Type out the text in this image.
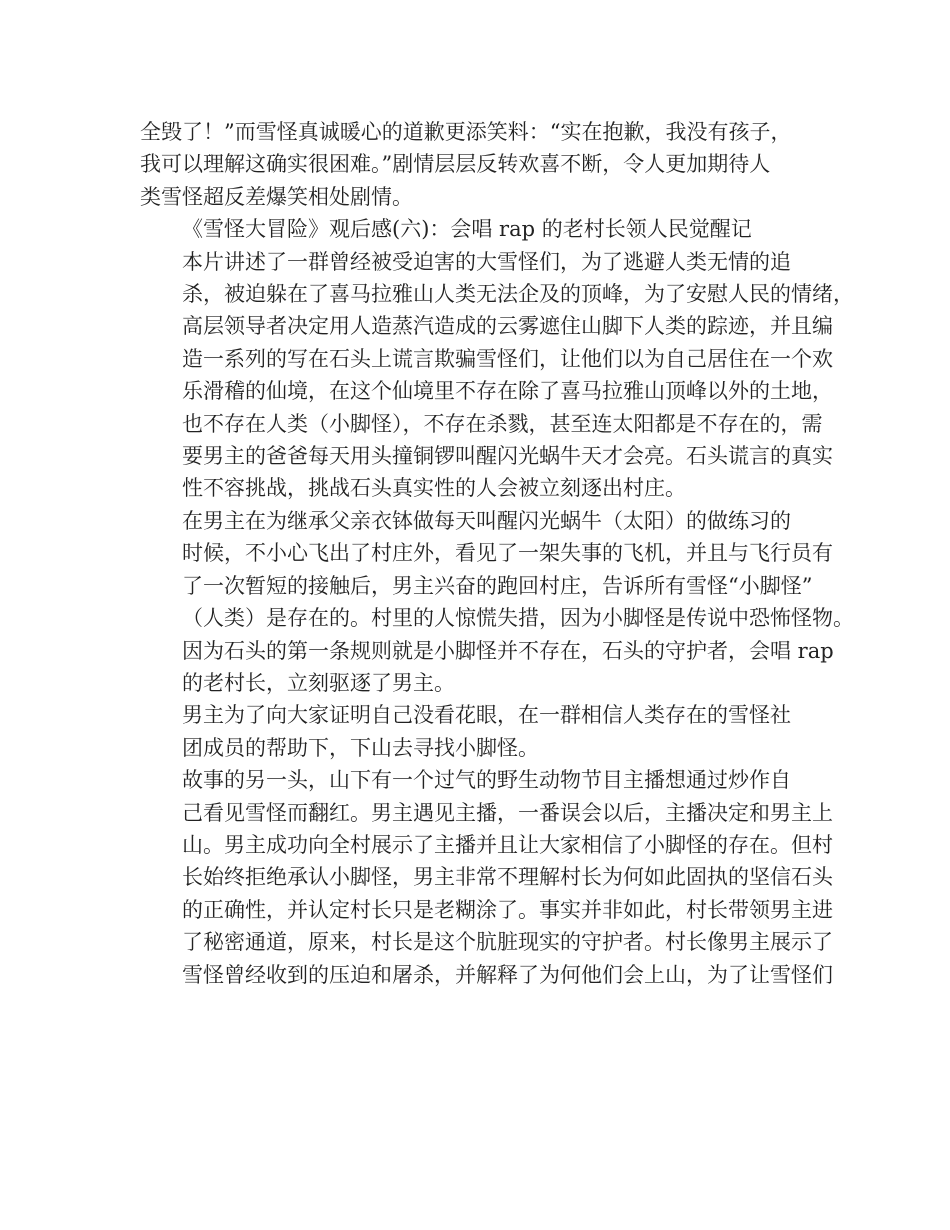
全毁了！”而雪怪真诚暖心的道歉更添笑料：“实在抱歉，我没有孩子，
我可以理解这确实很困难。”剧情层层反转欢喜不断，令人更加期待人
类雪怪超反差爆笑相处剧情。

《雪怪大冒险》观后感(六)：会唱 rap 的老村长领人民觉醒记

本片讲述了一群曾经被受迫害的大雪怪们，为了逃避人类无情的追
杀，被迫躲在了喜马拉雅山人类无法企及的顶峰，为了安慰人民的情绪，
高层领导者决定用人造蒸汽造成的云雾遮住山脚下人类的踪迹，并且编
造一系列的写在石头上谎言欺骗雪怪们，让他们以为自己居住在一个欢
乐滑稽的仙境，在这个仙境里不存在除了喜马拉雅山顶峰以外的土地，
也不存在人类（小脚怪），不存在杀戮，甚至连太阳都是不存在的，需
要男主的爸爸每天用头撞铜锣叫醒闪光蜗牛天才会亮。石头谎言的真实
性不容挑战，挑战石头真实性的人会被立刻逐出村庄。

在男主在为继承父亲衣钵做每天叫醒闪光蜗牛（太阳）的做练习的
时候，不小心飞出了村庄外，看见了一架失事的飞机，并且与飞行员有
了一次暂短的接触后，男主兴奋的跑回村庄，告诉所有雪怪“小脚怪”
（人类）是存在的。村里的人惊慌失措，因为小脚怪是传说中恐怖怪物。
因为石头的第一条规则就是小脚怪并不存在，石头的守护者，会唱 rap
的老村长，立刻驱逐了男主。

男主为了向大家证明自己没看花眼，在一群相信人类存在的雪怪社
团成员的帮助下，下山去寻找小脚怪。

故事的另一头，山下有一个过气的野生动物节目主播想通过炒作自
己看见雪怪而翻红。男主遇见主播，一番误会以后，主播决定和男主上
山。男主成功向全村展示了主播并且让大家相信了小脚怪的存在。但村
长始终拒绝承认小脚怪，男主非常不理解村长为何如此固执的坚信石头
的正确性，并认定村长只是老糊涂了。事实并非如此，村长带领男主进
了秘密通道，原来，村长是这个肮脏现实的守护者。村长像男主展示了
雪怪曾经收到的压迫和屠杀，并解释了为何他们会上山，为了让雪怪们
